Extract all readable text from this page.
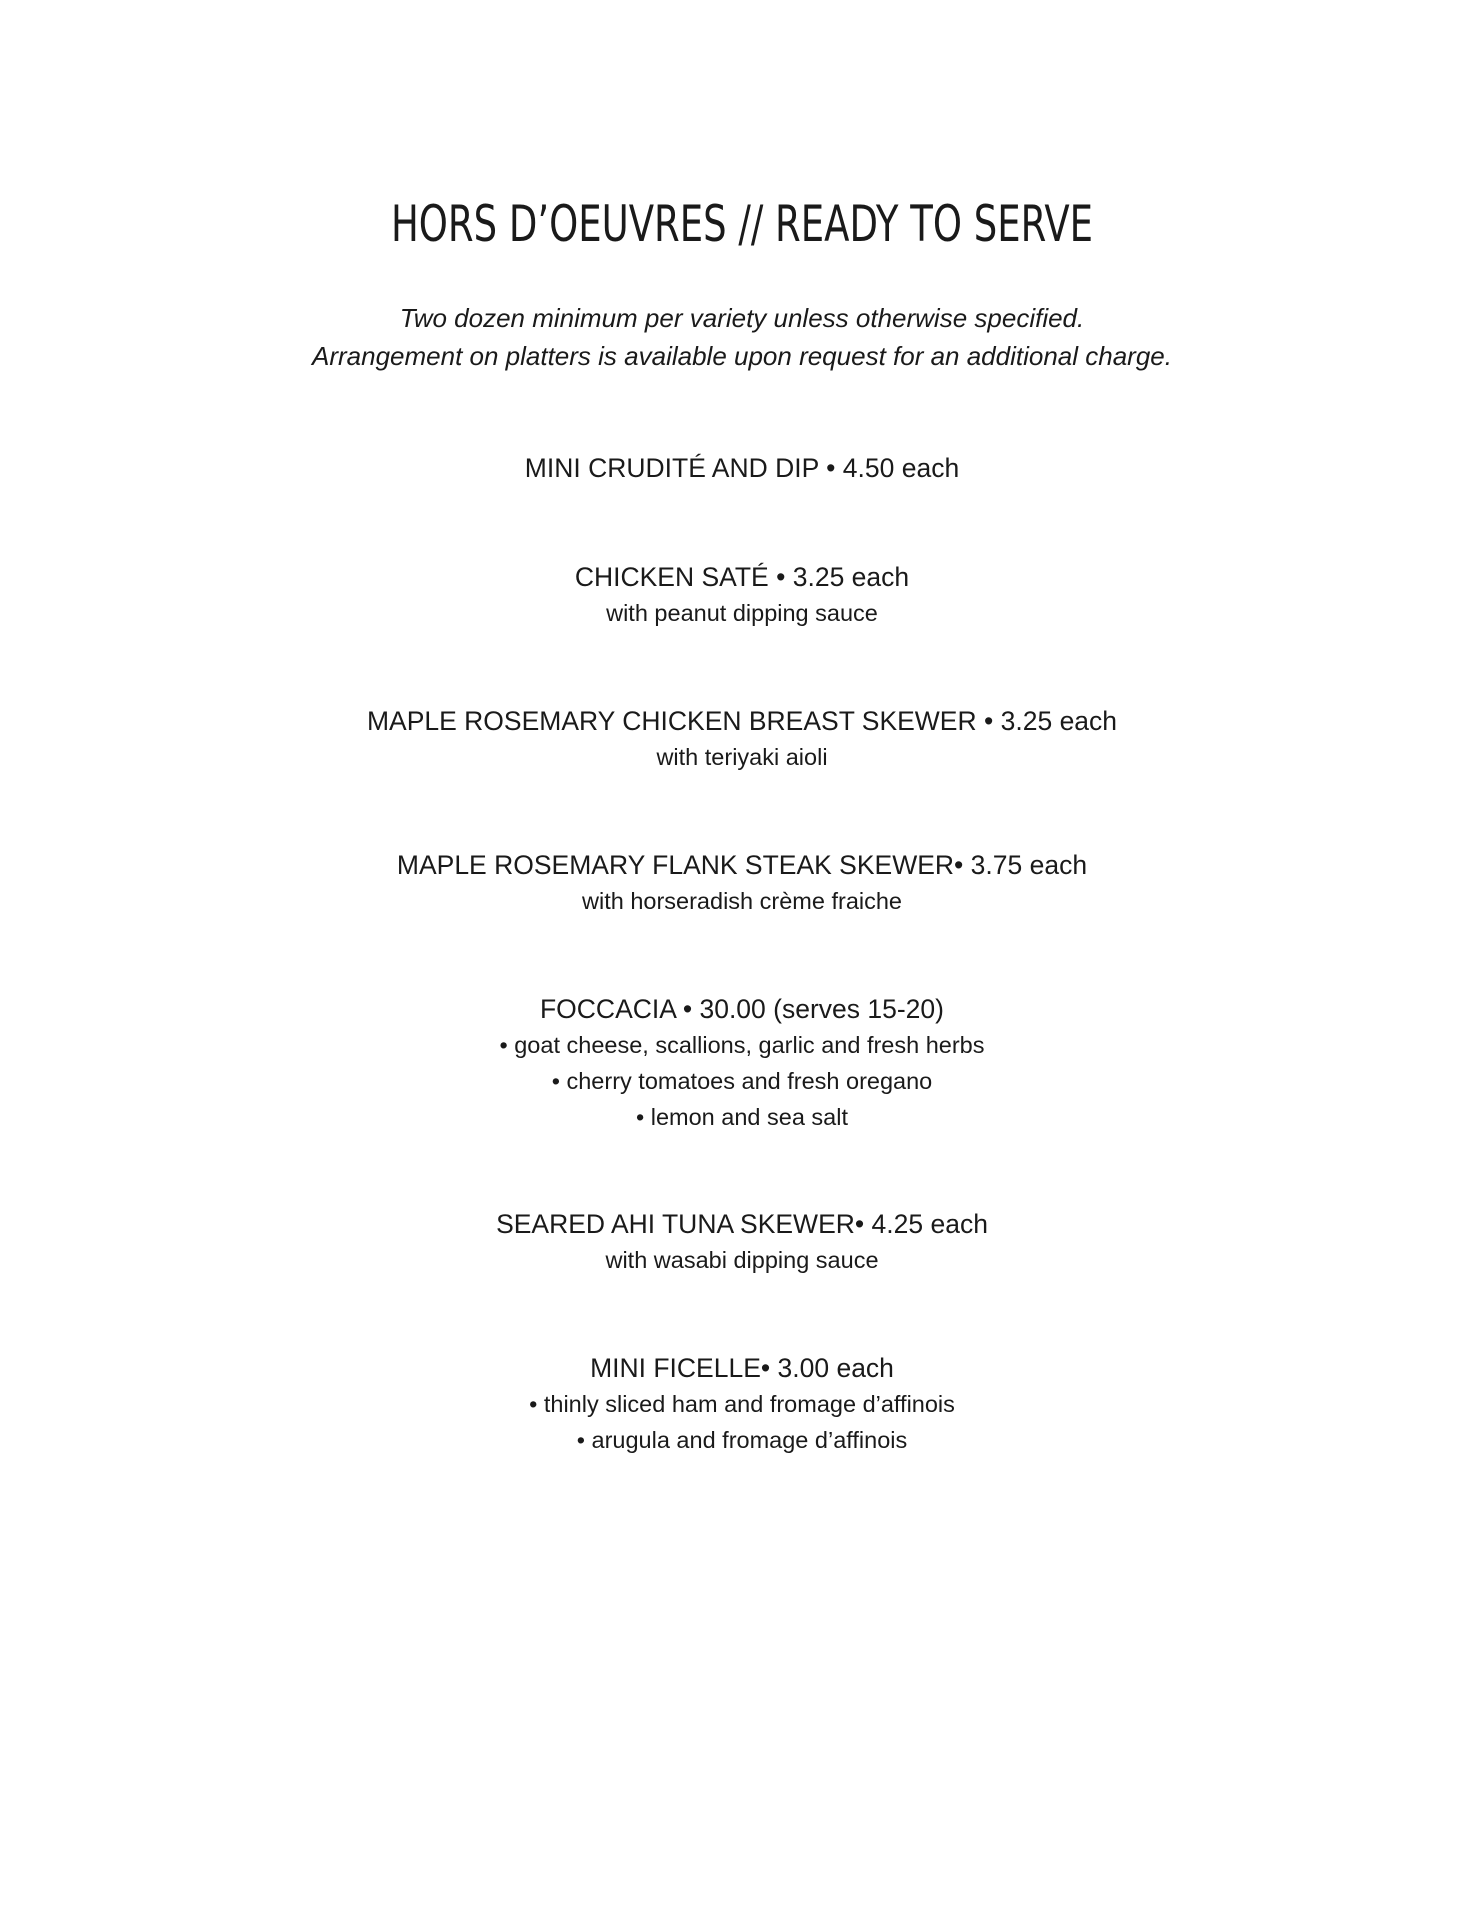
HORS D’OEUVRES // READY TO SERVE
Two dozen minimum per variety unless otherwise specified.
Arrangement on platters is available upon request for an additional charge.
MINI CRUDITÉ AND DIP • 4.50 each
CHICKEN SATÉ • 3.25 each
with peanut dipping sauce
MAPLE ROSEMARY CHICKEN BREAST SKEWER • 3.25 each
with teriyaki aioli
MAPLE ROSEMARY FLANK STEAK SKEWER• 3.75 each
with horseradish crème fraiche
FOCCACIA • 30.00 (serves 15-20)
• goat cheese, scallions, garlic and fresh herbs
• cherry tomatoes and fresh oregano
• lemon and sea salt
SEARED AHI TUNA SKEWER• 4.25 each
with wasabi dipping sauce
MINI FICELLE• 3.00 each
• thinly sliced ham and fromage d’affinois
• arugula and fromage d’affinois
